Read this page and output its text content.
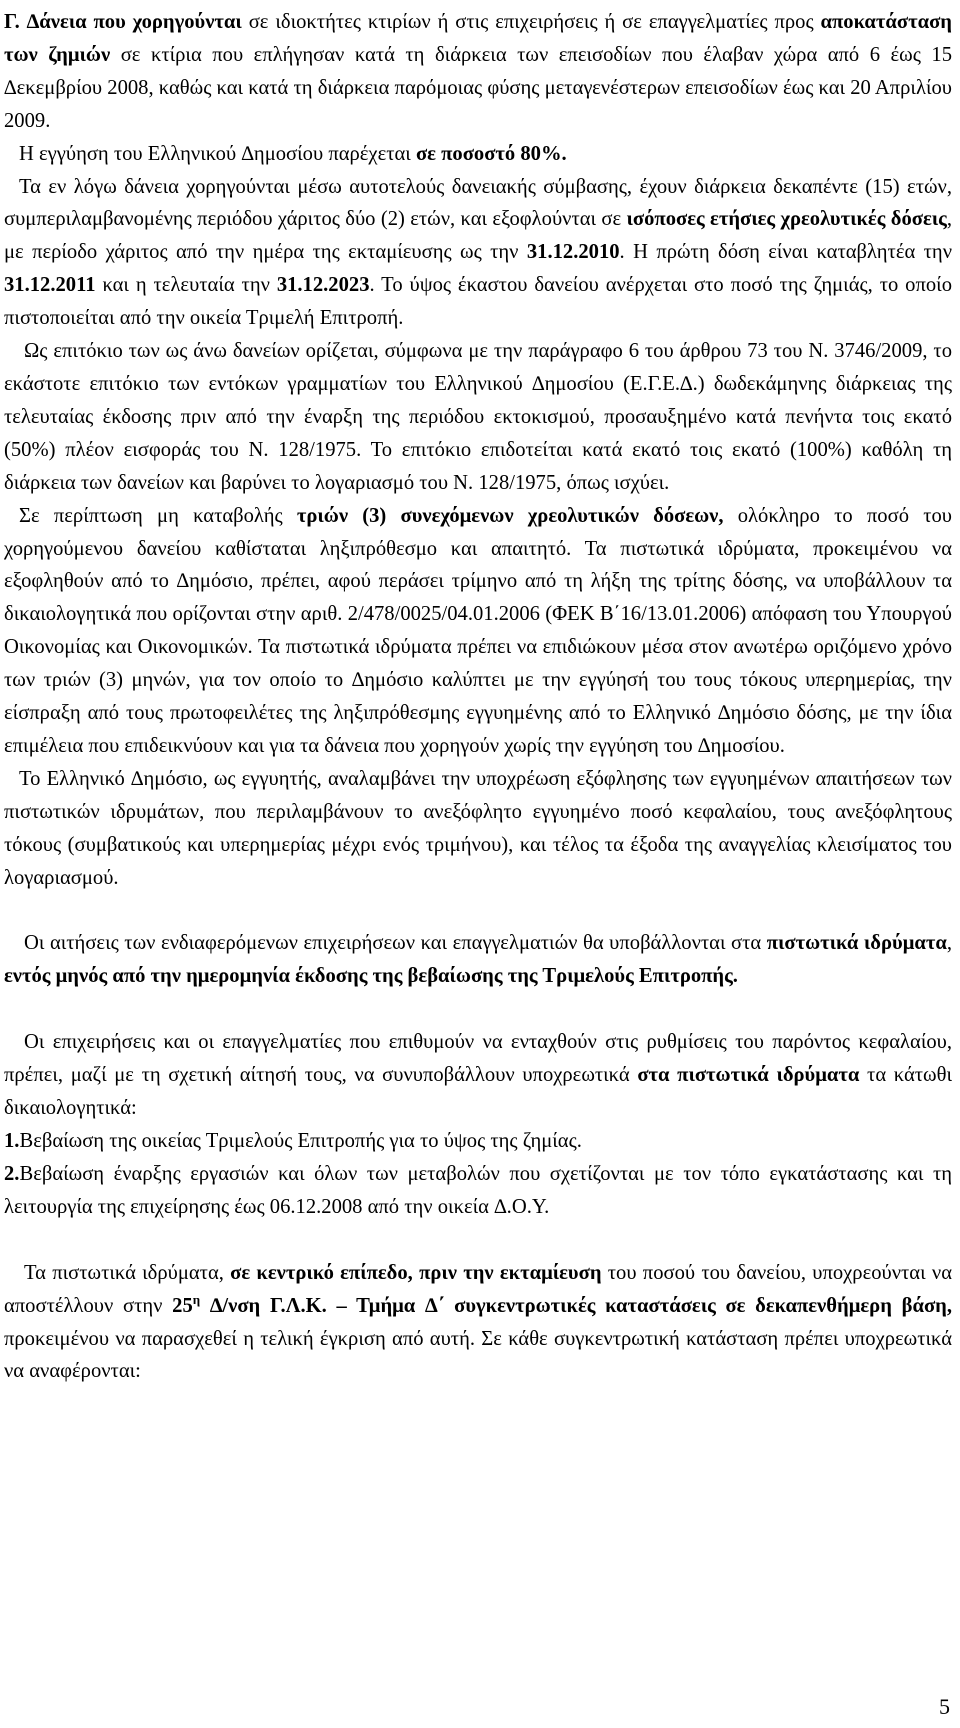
Γ. ∆άνεια που χορηγούνται σε ιδιοκτήτες κτιρίων ή στις επιχειρήσεις ή σε επαγγελματίες προς αποκατάσταση των ζημιών σε κτίρια που επλήγησαν κατά τη διάρκεια των επεισοδίων που έλαβαν χώρα από 6 έως 15 ∆εκεμβρίου 2008, καθώς και κατά τη διάρκεια παρόμοιας φύσης μεταγενέστερων επεισοδίων έως και 20 Απριλίου 2009.

Η εγγύηση του Ελληνικού ∆ημοσίου παρέχεται σε ποσοστό 80%.

Τα εν λόγω δάνεια χορηγούνται μέσω αυτοτελούς δανειακής σύμβασης, έχουν διάρκεια δεκαπέντε (15) ετών, συμπεριλαμβανομένης περιόδου χάριτος δύο (2) ετών, και εξοφλούνται σε ισόποσες ετήσιες χρεολυτικές δόσεις, με περίοδο χάριτος από την ημέρα της εκταμίευσης ως την 31.12.2010. Η πρώτη δόση είναι καταβλητέα την 31.12.2011 και η τελευταία την 31.12.2023. Το ύψος έκαστου δανείου ανέρχεται στο ποσό της ζημιάς, το οποίο πιστοποιείται από την οικεία Τριμελή Επιτροπή.

Ως επιτόκιο των ως άνω δανείων ορίζεται, σύμφωνα με την παράγραφο 6 του άρθρου 73 του Ν. 3746/2009, το εκάστοτε επιτόκιο των εντόκων γραμματίων του Ελληνικού ∆ημοσίου (Ε.Γ.Ε.∆.) δωδεκάμηνης διάρκειας της τελευταίας έκδοσης πριν από την έναρξη της περιόδου εκτοκισμού, προσαυξημένο κατά πενήντα τοις εκατό (50%) πλέον εισφοράς του Ν. 128/1975. Το επιτόκιο επιδοτείται κατά εκατό τοις εκατό (100%) καθόλη τη διάρκεια των δανείων και βαρύνει το λογαριασμό του Ν. 128/1975, όπως ισχύει.

Σε περίπτωση μη καταβολής τριών (3) συνεχόμενων χρεολυτικών δόσεων, ολόκληρο το ποσό του χορηγούμενου δανείου καθίσταται ληξιπρόθεσμο και απαιτητό. Τα πιστωτικά ιδρύματα, προκειμένου να εξοφληθούν από το ∆ημόσιο, πρέπει, αφού περάσει τρίμηνο από τη λήξη της τρίτης δόσης, να υποβάλλουν τα δικαιολογητικά που ορίζονται στην αριθ. 2/478/0025/04.01.2006 (ΦΕΚ Β΄16/13.01.2006) απόφαση του Υπουργού Οικονομίας και Οικονομικών. Τα πιστωτικά ιδρύματα πρέπει να επιδιώκουν μέσα στον ανωτέρω οριζόμενο χρόνο των τριών (3) μηνών, για τον οποίο το ∆ημόσιο καλύπτει με την εγγύησή του τους τόκους υπερημερίας, την είσπραξη από τους πρωτοφειλέτες της ληξιπρόθεσμης εγγυημένης από το Ελληνικό ∆ημόσιο δόσης, με την ίδια επιμέλεια που επιδεικνύουν και για τα δάνεια που χορηγούν χωρίς την εγγύηση του ∆ημοσίου.

Το Ελληνικό ∆ημόσιο, ως εγγυητής, αναλαμβάνει την υποχρέωση εξόφλησης των εγγυημένων απαιτήσεων των πιστωτικών ιδρυμάτων, που περιλαμβάνουν το ανεξόφλητο εγγυημένο ποσό κεφαλαίου, τους ανεξόφλητους τόκους (συμβατικούς και υπερημερίας μέχρι ενός τριμήνου), και τέλος τα έξοδα της αναγγελίας κλεισίματος του λογαριασμού.

Οι αιτήσεις των ενδιαφερόμενων επιχειρήσεων και επαγγελματιών θα υποβάλλονται στα πιστωτικά ιδρύματα, εντός μηνός από την ημερομηνία έκδοσης της βεβαίωσης της Τριμελούς Επιτροπής.

Οι επιχειρήσεις και οι επαγγελματίες που επιθυμούν να ενταχθούν στις ρυθμίσεις του παρόντος κεφαλαίου, πρέπει, μαζί με τη σχετική αίτησή τους, να συνυποβάλλουν υποχρεωτικά στα πιστωτικά ιδρύματα τα κάτωθι δικαιολογητικά:

1.Βεβαίωση της οικείας Τριμελούς Επιτροπής για το ύψος της ζημίας.

2.Βεβαίωση έναρξης εργασιών και όλων των μεταβολών που σχετίζονται με τον τόπο εγκατάστασης και τη λειτουργία της επιχείρησης έως 06.12.2008 από την οικεία ∆.Ο.Υ.

Τα πιστωτικά ιδρύματα, σε κεντρικό επίπεδο, πριν την εκταμίευση του ποσού του δανείου, υποχρεούνται να αποστέλλουν στην $25^\eta$ ∆/νση Γ.Λ.Κ. – Τμήμα ∆΄ συγκεντρωτικές καταστάσεις σε δεκαπενθήμερη βάση, προκειμένου να παρασχεθεί η τελική έγκριση από αυτή. Σε κάθε συγκεντρωτική κατάσταση πρέπει υποχρεωτικά να αναφέρονται:

5
